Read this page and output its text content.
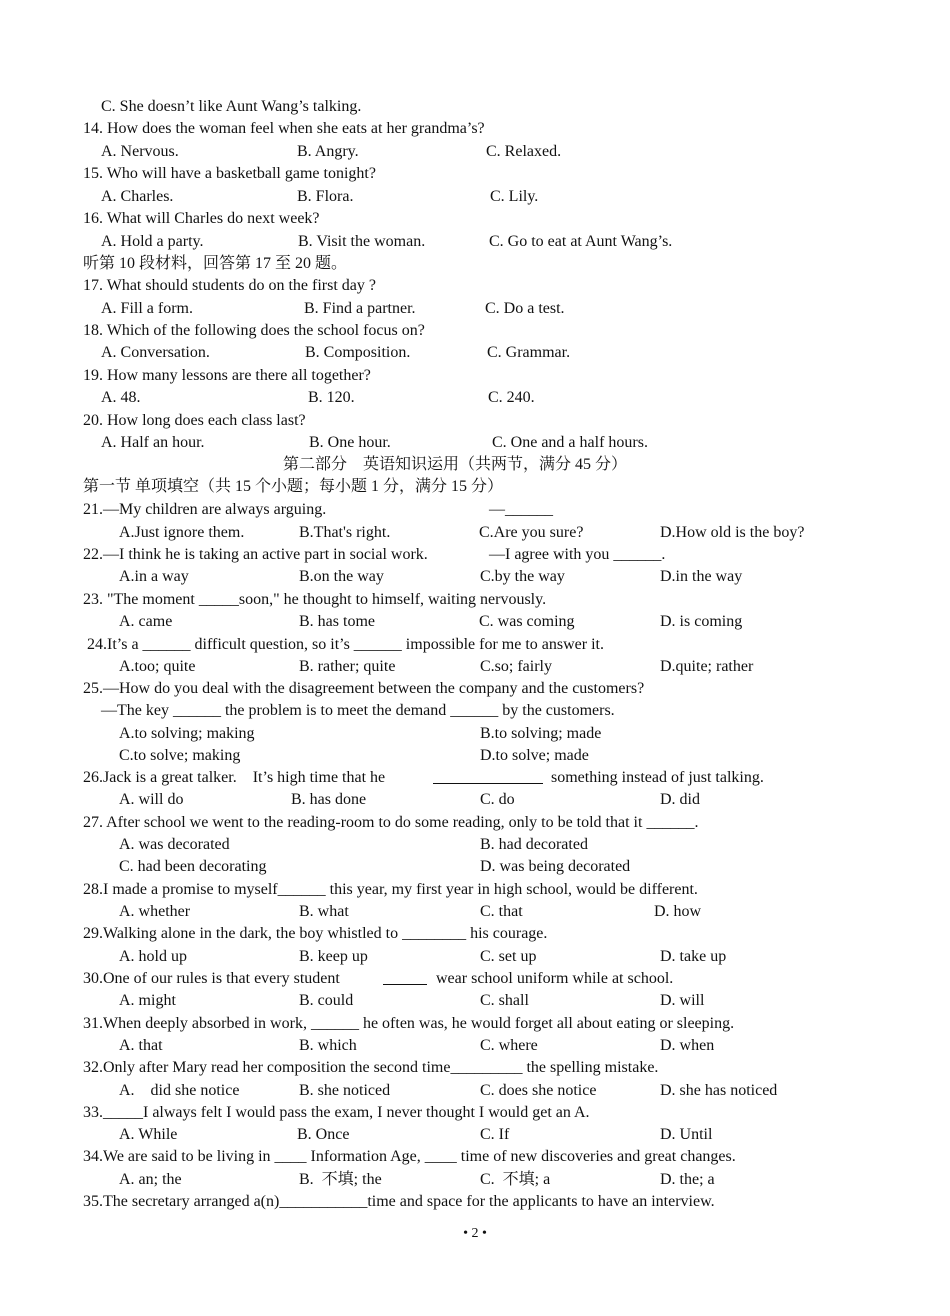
C. She doesn’t like Aunt Wang’s talking.
14. How does the woman feel when she eats at her grandma’s?
A. Nervous.	B. Angry.	C. Relaxed.
15. Who will have a basketball game tonight?
A. Charles.	B. Flora.	C. Lily.
16. What will Charles do next week?
A. Hold a party.	B. Visit the woman.	C. Go to eat at Aunt Wang’s.
听第 10 段材料，回答第 17 至 20 题。
17. What should students do on the first day ?
A. Fill a form.	B. Find a partner.	C. Do a test.
18. Which of the following does the school focus on?
A. Conversation.	B. Composition.	C. Grammar.
19. How many lessons are there all together?
A. 48.	B. 120.	C. 240.
20. How long does each class last?
A. Half an hour.	B. One hour.	C. One and a half hours.
第二部分　英语知识运用（共两节，满分 45 分）
第一节 单项填空（共 15 个小题；每小题 1 分，满分 15 分）
21.—My children are always arguing.	—______
A.Just ignore them.	B.That's right.	C.Are you sure?	D.How old is the boy?
22.—I think he is taking an active part in social work.	—I agree with you ______.
A.in a way	B.on the way	C.by the way	D.in the way
23. "The moment _____soon," he thought to himself, waiting nervously.
A. came	B. has tome	C. was coming	D. is coming
24.It’s a ______ difficult question, so it’s ______ impossible for me to answer it.
A.too; quite	B. rather; quite	C.so; fairly	D.quite; rather
25.—How do you deal with the disagreement between the company and the customers?
—The key ______ the problem is to meet the demand ______ by the customers.
A.to solving; making	B.to solving; made
C.to solve; making	D.to solve; made
26.Jack is a great talker.    It’s high time that he	something instead of just talking.
A. will do	B. has done	C. do	D. did
27. After school we went to the reading-room to do some reading, only to be told that it ______.
A. was decorated	B. had decorated
C. had been decorating	D. was being decorated
28.I made a promise to myself______ this year, my first year in high school, would be different.
A. whether	B. what	C. that	D. how
29.Walking alone in the dark, the boy whistled to ________ his courage.
A. hold up	B. keep up	C. set up	D. take up
30.One of our rules is that every student	wear school uniform while at school.
A. might	B. could	C. shall	D. will
31.When deeply absorbed in work, ______ he often was, he would forget all about eating or sleeping.
A. that	B. which	C. where	D. when
32.Only after Mary read her composition the second time_________ the spelling mistake.
A.    did she notice	B. she noticed	C. does she notice	D. she has noticed
33._____I always felt I would pass the exam, I never thought I would get an A.
A. While	B. Once	C. If	D. Until
34.We are said to be living in ____ Information Age, ____ time of new discoveries and great changes.
A. an; the	B.  不填; the	C.  不填; a	D. the; a
35.The secretary arranged a(n)___________time and space for the applicants to have an interview.
• 2 •
